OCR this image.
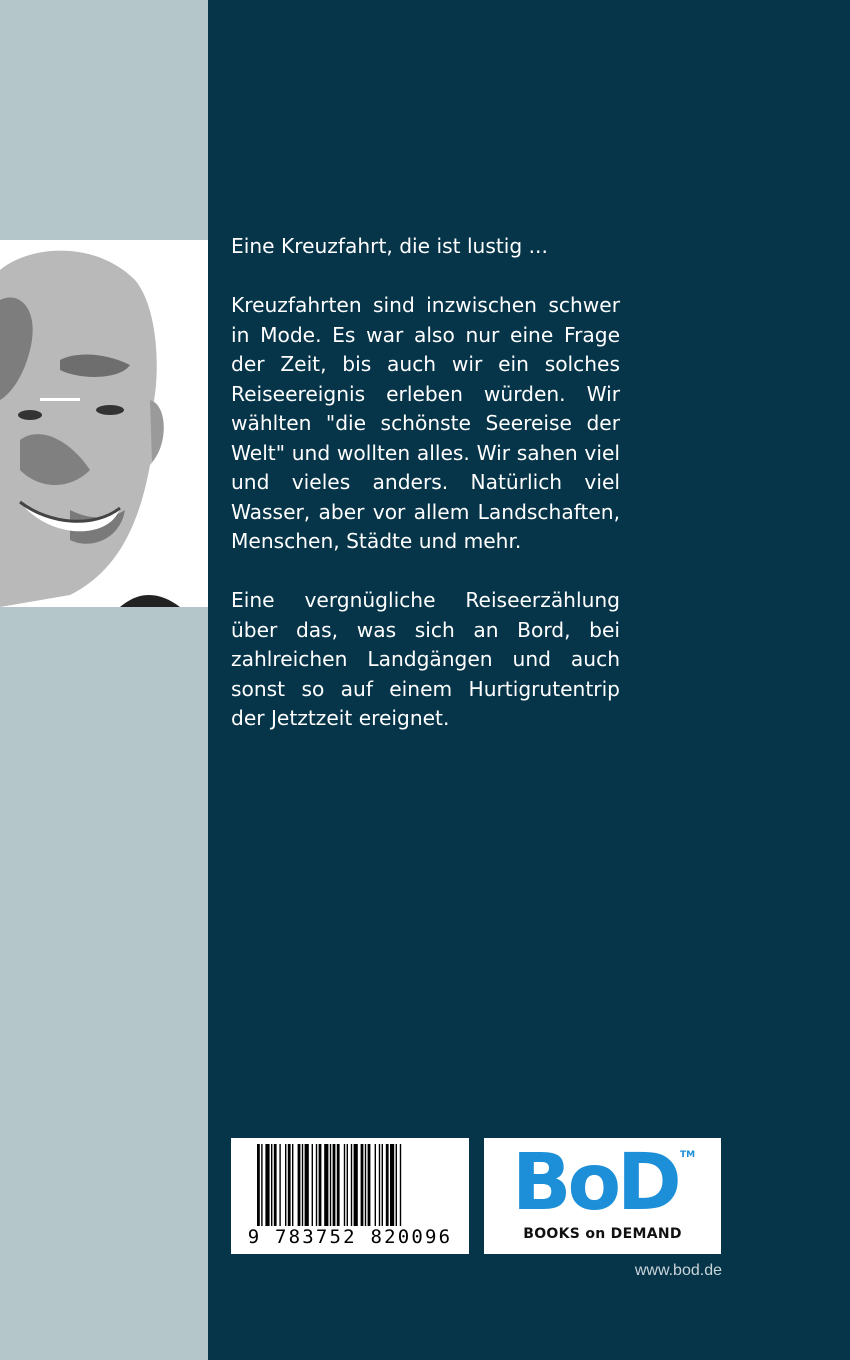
Eine Kreuzfahrt, die ist lustig ...

Kreuzfahrten sind inzwischen schwer in Mode. Es war also nur eine Frage der Zeit, bis auch wir ein solches Reiseereignis erleben würden. Wir wählten "die schönste Seereise der Welt" und wollten alles. Wir sahen viel und vieles anders. Natürlich viel Wasser, aber vor allem Landschaften, Menschen, Städte und mehr.

Eine vergnügliche Reiseerzählung über das, was sich an Bord, bei zahlreichen Landgängen und auch sonst so auf einem Hurtigrutentrip der Jetztzeit ereignet.

9 783752 820096
BoD TM
BOOKS on DEMAND
www.bod.de
